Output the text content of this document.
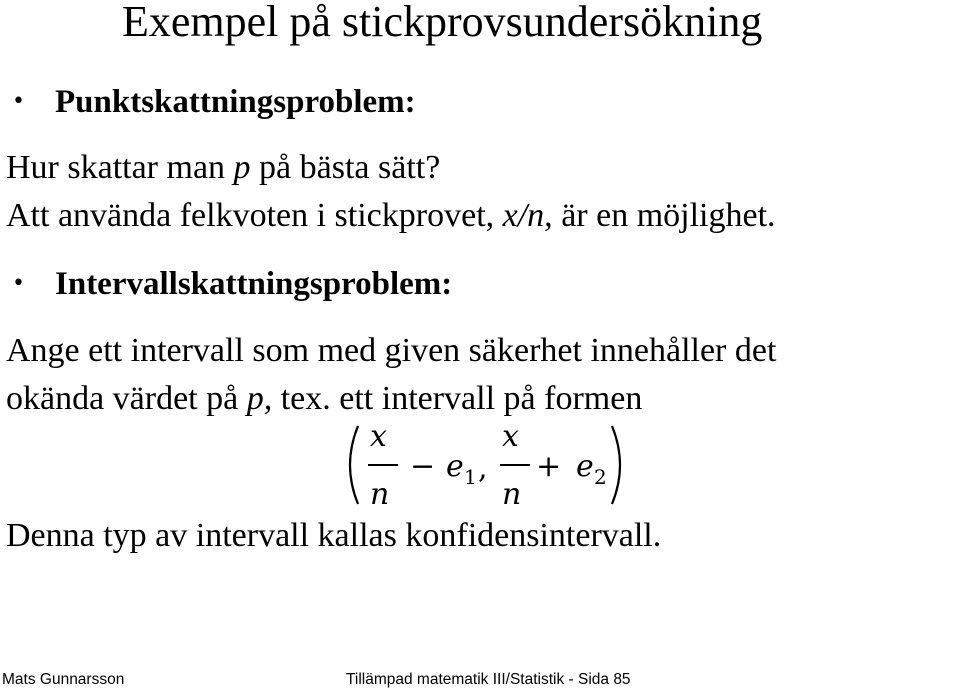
Exempel på stickprovsundersökning
• Punktskattningsproblem:
Hur skattar man p på bästa sätt?
Att använda felkvoten i stickprovet, x/n, är en möjlighet.
• Intervallskattningsproblem:
Ange ett intervall som med given säkerhet innehåller det
okända värdet på p, tex. ett intervall på formen
x
n
− e 1 ,
x
n
+ e 2
Denna typ av intervall kallas konfidensintervall.
Mats Gunnarsson	Tillämpad matematik III/Statistik - Sida 85
